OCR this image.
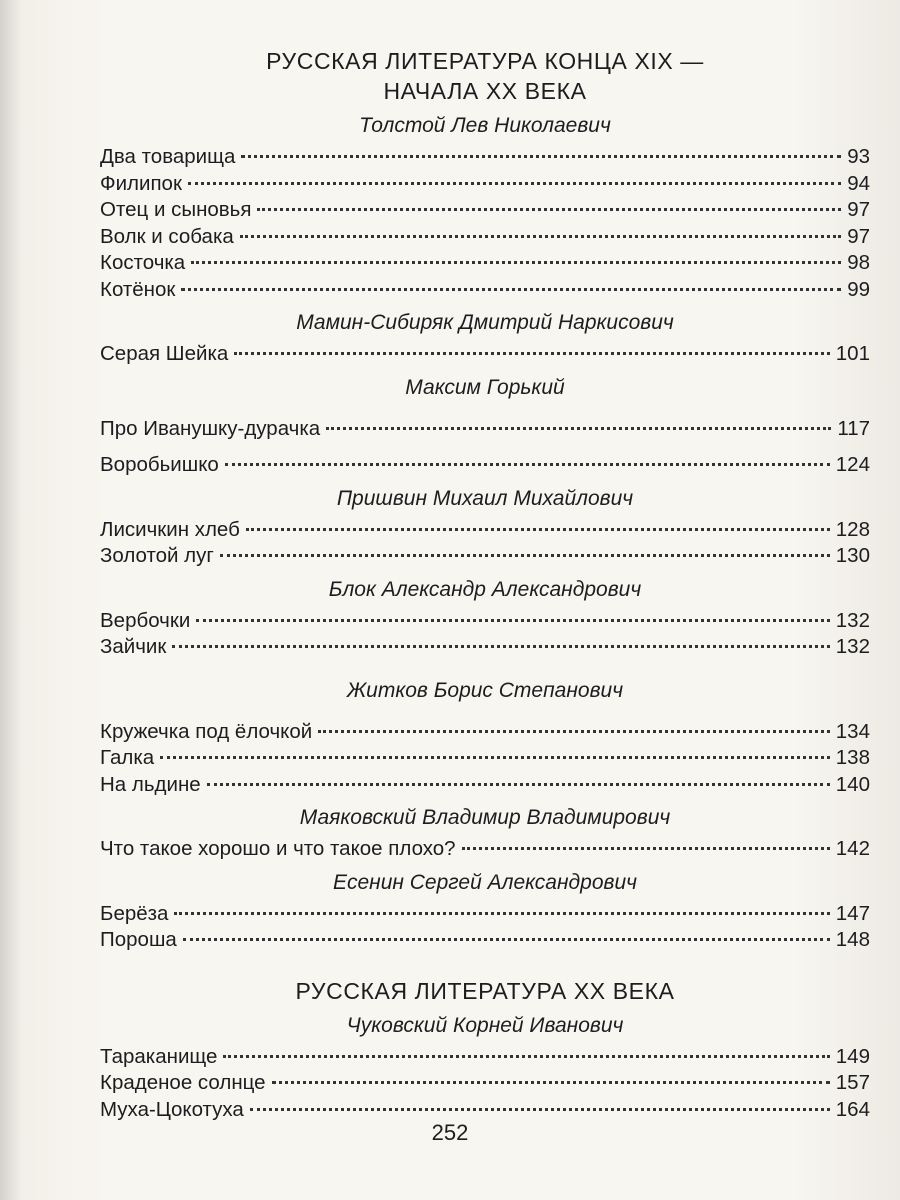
РУССКАЯ ЛИТЕРАТУРА КОНЦА XIX —
НАЧАЛА XX ВЕКА
Толстой Лев Николаевич
Два товарища	93
Филипок	94
Отец и сыновья	97
Волк и собака	97
Косточка	98
Котёнок	99
Мамин-Сибиряк Дмитрий Наркисович
Серая Шейка	101
Максим Горький
Про Иванушку-дурачка	117
Воробьишко	124
Пришвин Михаил Михайлович
Лисичкин хлеб	128
Золотой луг	130
Блок Александр Александрович
Вербочки	132
Зайчик	132
Житков Борис Степанович
Кружечка под ёлочкой	134
Галка	138
На льдине	140
Маяковский Владимир Владимирович
Что такое хорошо и что такое плохо?	142
Есенин Сергей Александрович
Берёза	147
Пороша	148
РУССКАЯ ЛИТЕРАТУРА XX ВЕКА
Чуковский Корней Иванович
Тараканище	149
Краденое солнце	157
Муха-Цокотуха	164
252
